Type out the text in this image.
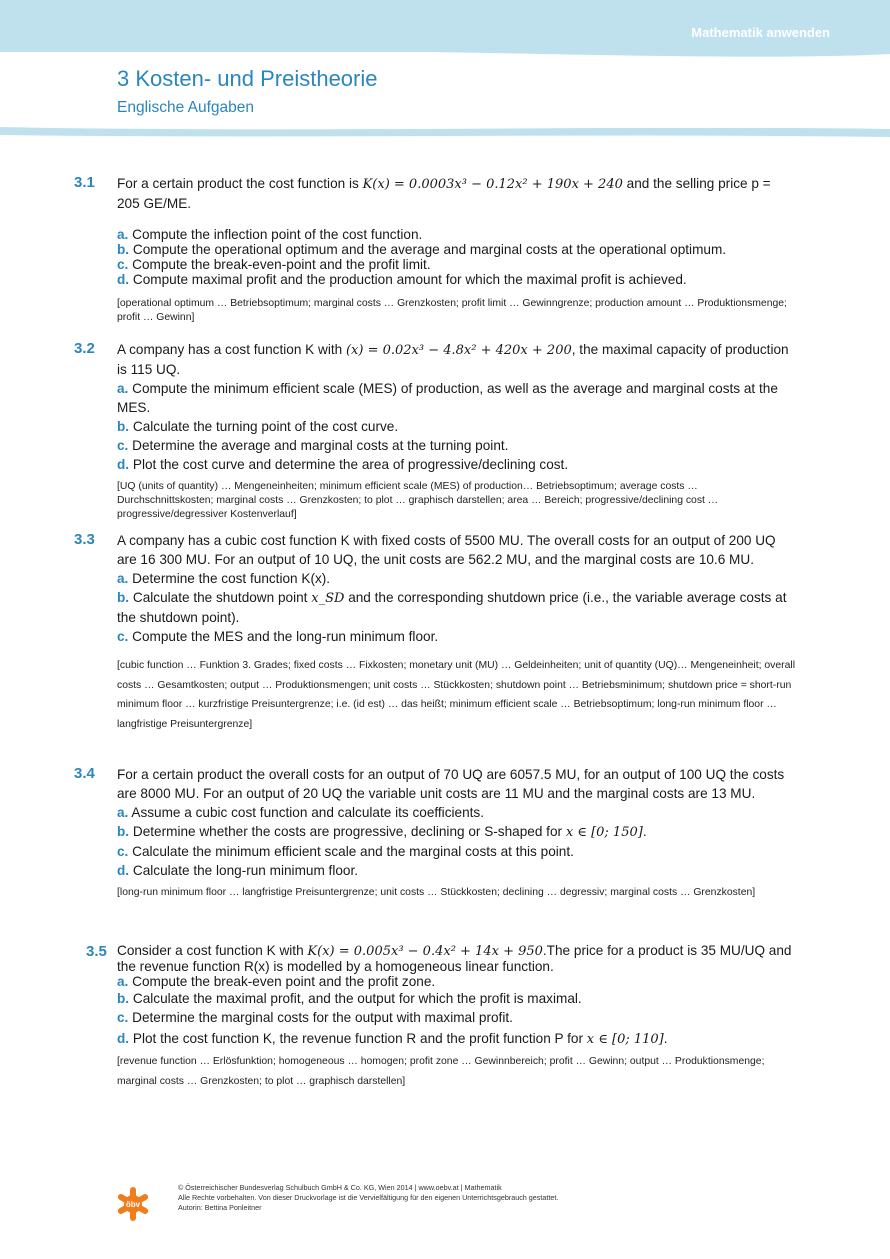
Mathematik anwenden
3 Kosten- und Preistheorie
Englische Aufgaben
3.1 For a certain product the cost function is K(x) = 0.0003x³ − 0.12x² + 190x + 240 and the selling price p = 205 GE/ME.

a. Compute the inflection point of the cost function.

b. Compute the operational optimum and the average and marginal costs at the operational optimum.

c. Compute the break-even-point and the profit limit.

d. Compute maximal profit and the production amount for which the maximal profit is achieved.

[operational optimum … Betriebsoptimum; marginal costs … Grenzkosten; profit limit … Gewinngrenze; production amount … Produktionsmenge; profit … Gewinn]

3.2 A company has a cost function K with (x) = 0.02x³ − 4.8x² + 420x + 200, the maximal capacity of production is 115 UQ.

a. Compute the minimum efficient scale (MES) of production, as well as the average and marginal costs at the MES.

b. Calculate the turning point of the cost curve.

c. Determine the average and marginal costs at the turning point.

d. Plot the cost curve and determine the area of progressive/declining cost.

[UQ (units of quantity) … Mengeneinheiten; minimum efficient scale (MES) of production… Betriebsoptimum; average costs … Durchschnittskosten; marginal costs … Grenzkosten; to plot … graphisch darstellen; area … Bereich; progressive/declining cost … progressive/degressiver Kostenverlauf]

3.3 A company has a cubic cost function K with fixed costs of 5500 MU. The overall costs for an output of 200 UQ are 16 300 MU. For an output of 10 UQ, the unit costs are 562.2 MU, and the marginal costs are 10.6 MU.

a. Determine the cost function K(x).

b. Calculate the shutdown point x_SD and the corresponding shutdown price (i.e., the variable average costs at the shutdown point).

c. Compute the MES and the long-run minimum floor.

[cubic function … Funktion 3. Grades; fixed costs … Fixkosten; monetary unit (MU) … Geldeinheiten; unit of quantity (UQ)… Mengeneinheit; overall costs … Gesamtkosten; output … Produktionsmengen; unit costs … Stückkosten; shutdown point … Betriebsminimum; shutdown price = short-run minimum floor … kurzfristige Preisuntergrenze; i.e. (id est) … das heißt; minimum efficient scale … Betriebsoptimum; long-run minimum floor … langfristige Preisuntergrenze]

3.4 For a certain product the overall costs for an output of 70 UQ are 6057.5 MU, for an output of 100 UQ the costs are 8000 MU. For an output of 20 UQ the variable unit costs are 11 MU and the marginal costs are 13 MU.

a. Assume a cubic cost function and calculate its coefficients.

b. Determine whether the costs are progressive, declining or S-shaped for x ∈ [0; 150].

c. Calculate the minimum efficient scale and the marginal costs at this point.

d. Calculate the long-run minimum floor.

[long-run minimum floor … langfristige Preisuntergrenze; unit costs … Stückkosten; declining … degressiv; marginal costs … Grenzkosten]

3.5 Consider a cost function K with K(x) = 0.005x³ − 0.4x² + 14x + 950.The price for a product is 35 MU/UQ and the revenue function R(x) is modelled by a homogeneous linear function.

a. Compute the break-even point and the profit zone.

b. Calculate the maximal profit, and the output for which the profit is maximal.

c. Determine the marginal costs for the output with maximal profit.

d. Plot the cost function K, the revenue function R and the profit function P for x ∈ [0; 110].

[revenue function … Erlösfunktion; homogeneous … homogen; profit zone … Gewinnbereich; profit … Gewinn; output … Produktionsmenge; marginal costs … Grenzkosten; to plot … graphisch darstellen]

öbv
© Österreichischer Bundesverlag Schulbuch GmbH & Co. KG, Wien 2014 | www.oebv.at | Mathematik
Alle Rechte vorbehalten. Von dieser Druckvorlage ist die Vervielfältigung für den eigenen Unterrichtsgebrauch gestattet.
Autorin: Bettina Ponleitner
